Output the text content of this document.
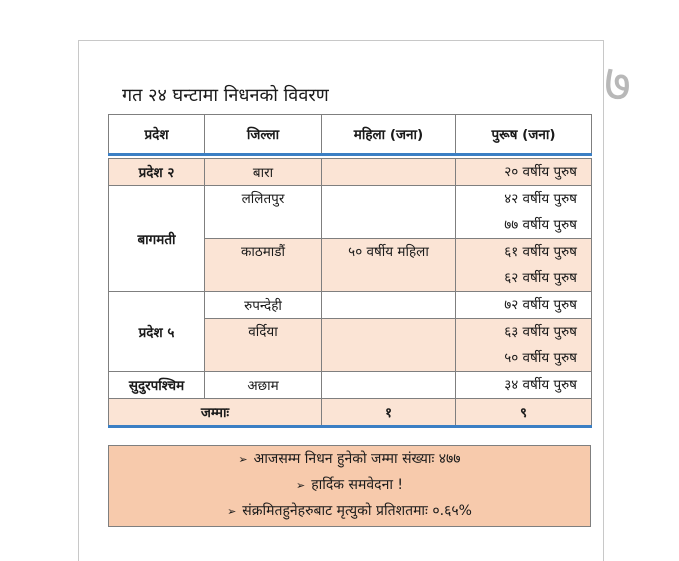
७
गत २४ घन्टामा निधनको विवरण
प्रदेश	जिल्ला	महिला (जना)	पुरूष (जना)

प्रदेश २	बारा		२० वर्षीय पुरुष

बागमती	ललितपुर		४२ वर्षीय पुरुष
७७ वर्षीय पुरुष

	काठमाडौं	५० वर्षीय महिला	६१ वर्षीय पुरुष
६२ वर्षीय पुरुष

प्रदेश ५	रुपन्देही		७२ वर्षीय पुरुष

	वर्दिया		६३ वर्षीय पुरुष
५० वर्षीय पुरुष

सुदुरपश्चिम	अछाम		३४ वर्षीय पुरुष

जम्माः		१	९
➢ आजसम्म निधन हुनेको जम्मा संख्याः ४७७
➢ हार्दिक समवेदना !
➢ संक्रमितहुनेहरुबाट मृत्युको प्रतिशतमाः ०.६५%
